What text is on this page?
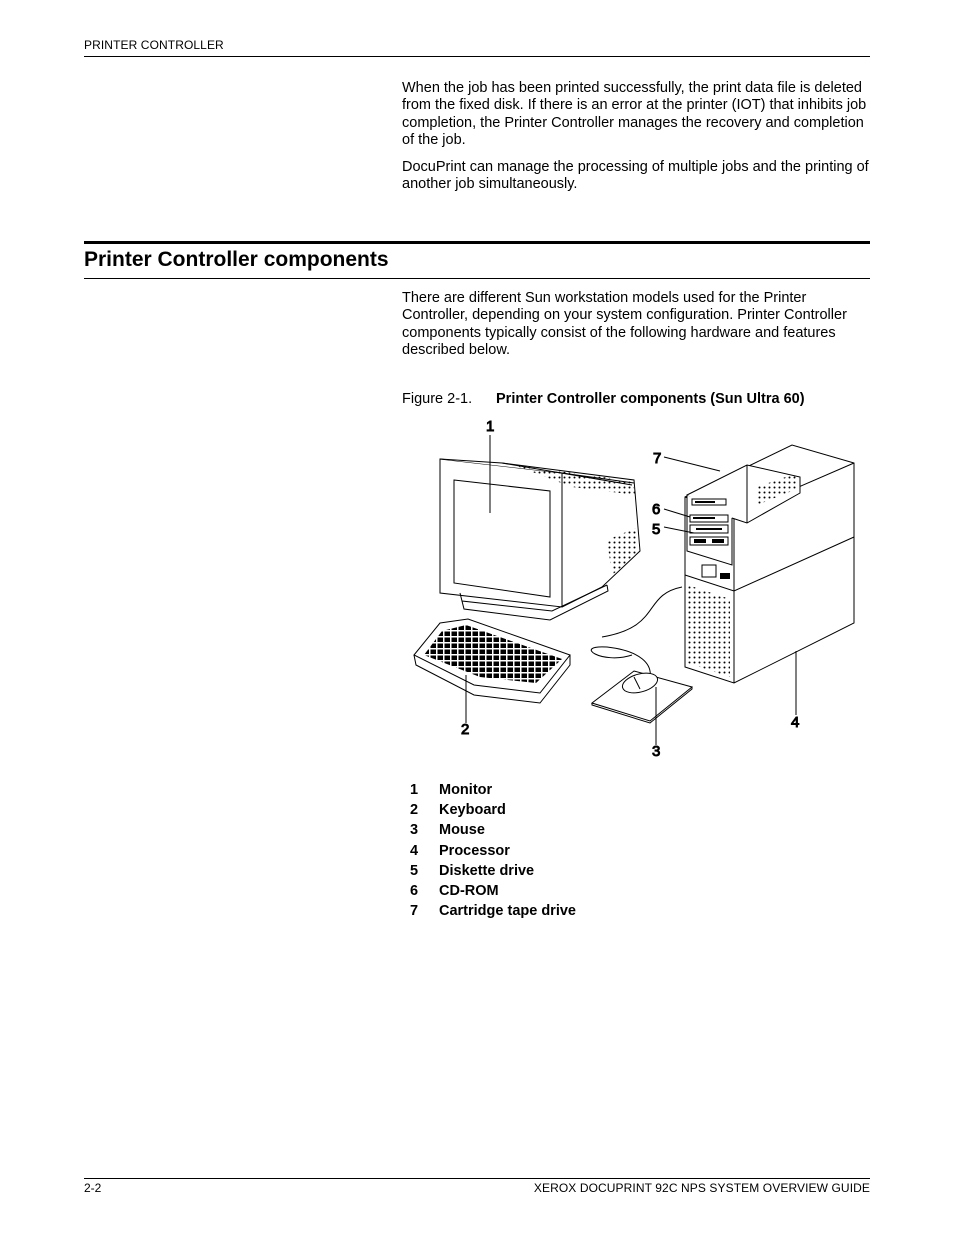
PRINTER CONTROLLER

When the job has been printed successfully, the print data file is deleted from the fixed disk. If there is an error at the printer (IOT) that inhibits job completion, the Printer Controller manages the recovery and completion of the job.

DocuPrint can manage the processing of multiple jobs and the printing of another job simultaneously.

Printer Controller components

There are different Sun workstation models used for the Printer Controller, depending on your system configuration. Printer Controller components typically consist of the following hardware and features described below.

Figure 2-1. Printer Controller components (Sun Ultra 60)
1
2
3
4
5
6
7
1	Monitor
2	Keyboard
3	Mouse
4	Processor
5	Diskette drive
6	CD-ROM
7	Cartridge tape drive
2-2	XEROX DOCUPRINT 92C NPS SYSTEM OVERVIEW GUIDE
